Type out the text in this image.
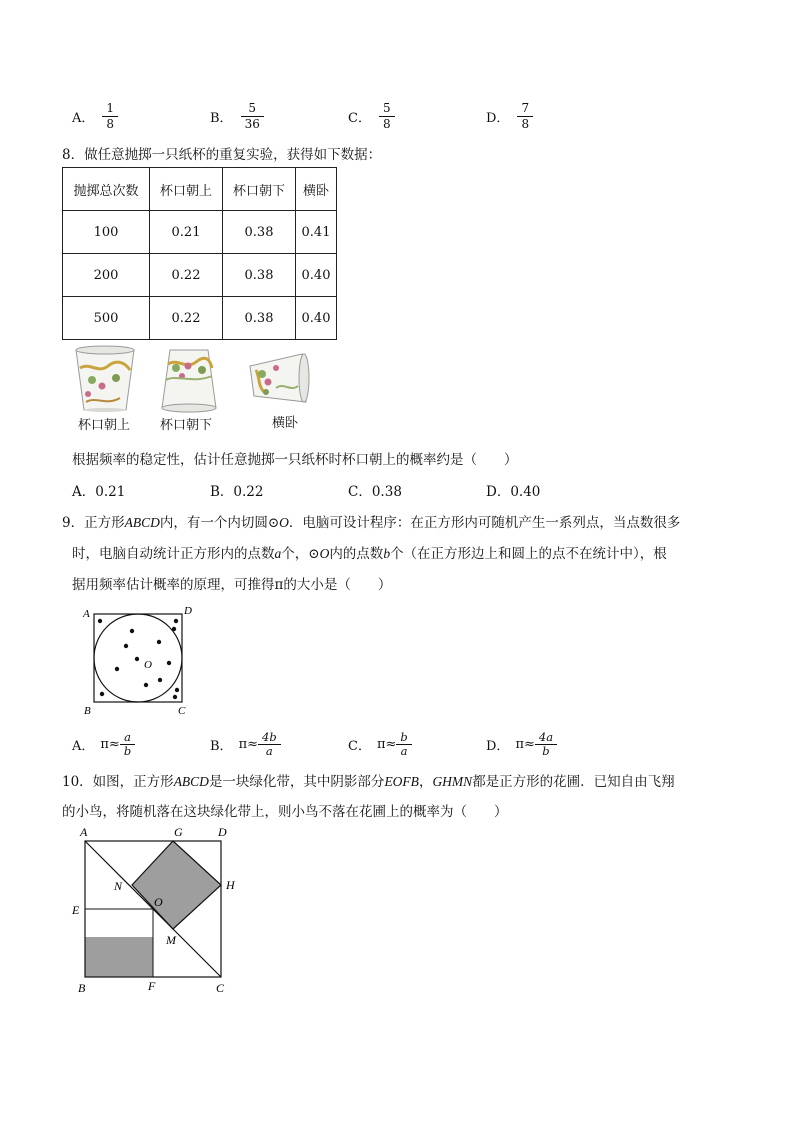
A． $\frac{1}{8}$	B． $\frac{5}{36}$	C． $\frac{5}{8}$	D． $\frac{7}{8}$
8．做任意抛掷一只纸杯的重复实验，获得如下数据：
抛掷总次数	杯口朝上	杯口朝下	横卧
100	0.21	0.38	0.41
200	0.22	0.38	0.40
500	0.22	0.38	0.40
杯口朝上 杯口朝下	横卧
根据频率的稳定性，估计任意抛掷一只纸杯时杯口朝上的概率约是（　　）
A．0.21	B．0.22	C．0.38	D．0.40
9．正方形ABCD内，有一个内切圆⊙O．电脑可设计程序：在正方形内可随机产生一系列点，当点数很多
时，电脑自动统计正方形内的点数a个，⊙O内的点数b个（在正方形边上和圆上的点不在统计中），根
据用频率估计概率的原理，可推得π的大小是（　　）
A	D
B	C
O
A． $\pi\approx \frac{a}{b}$	B． $\pi\approx \frac{4b}{a}$	C． $\pi\approx \frac{b}{a}$	D． $\pi\approx \frac{4a}{b}$
10．如图，正方形ABCD是一块绿化带，其中阴影部分EOFB，GHMN都是正方形的花圃．已知自由飞翔
的小鸟，将随机落在这块绿化带上，则小鸟不落在花圃上的概率为（　　）
A	G	D
N	H
E
O
M
B	F	C
